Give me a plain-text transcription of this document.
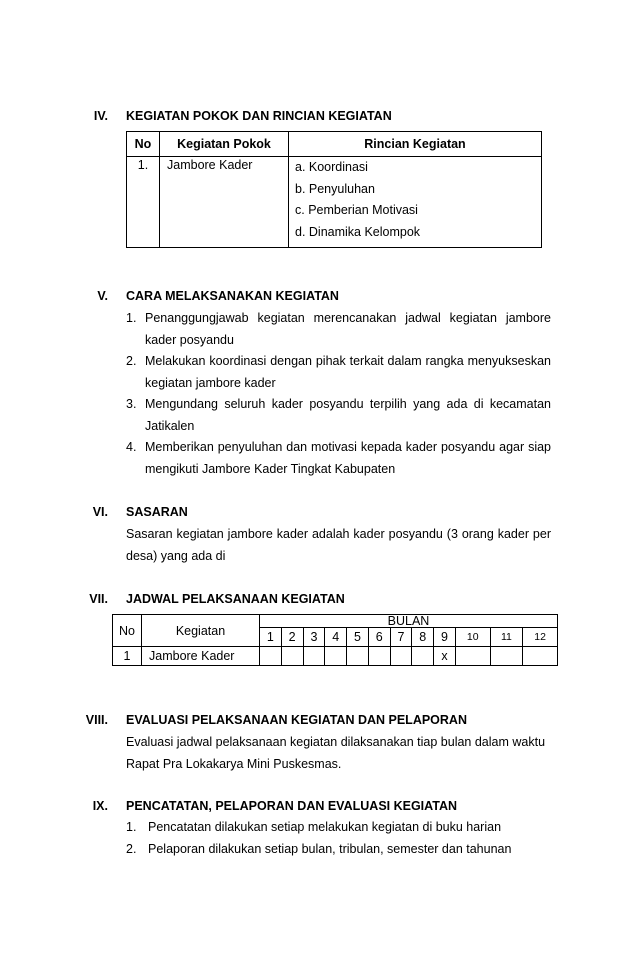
IV. KEGIATAN POKOK DAN RINCIAN KEGIATAN
No	Kegiatan Pokok	Rincian Kegiatan
1.	Jambore Kader	a. Koordinasi
b. Penyuluhan
c. Pemberian Motivasi
d. Dinamika Kelompok
V. CARA MELAKSANAKAN KEGIATAN
1. Penanggungjawab kegiatan merencanakan jadwal kegiatan jambore kader posyandu
2. Melakukan koordinasi dengan pihak terkait dalam rangka menyukseskan kegiatan jambore kader
3. Mengundang seluruh kader posyandu terpilih yang ada di kecamatan Jatikalen
4. Memberikan penyuluhan dan motivasi kepada kader posyandu agar siap mengikuti Jambore Kader Tingkat Kabupaten
VI. SASARAN
Sasaran kegiatan jambore kader adalah kader posyandu (3 orang kader per desa) yang ada di
VII. JADWAL PELAKSANAAN KEGIATAN
No	Kegiatan	BULAN											
		1	2	3	4	5	6	7	8	9	10	11	12
1	Jambore Kader									x			
VIII. EVALUASI PELAKSANAAN KEGIATAN DAN PELAPORAN
Evaluasi jadwal pelaksanaan kegiatan dilaksanakan tiap bulan dalam waktu
Rapat Pra Lokakarya Mini Puskesmas.
IX. PENCATATAN, PELAPORAN DAN EVALUASI KEGIATAN
1. Pencatatan dilakukan setiap melakukan kegiatan di buku harian
2. Pelaporan dilakukan setiap bulan, tribulan, semester dan tahunan
